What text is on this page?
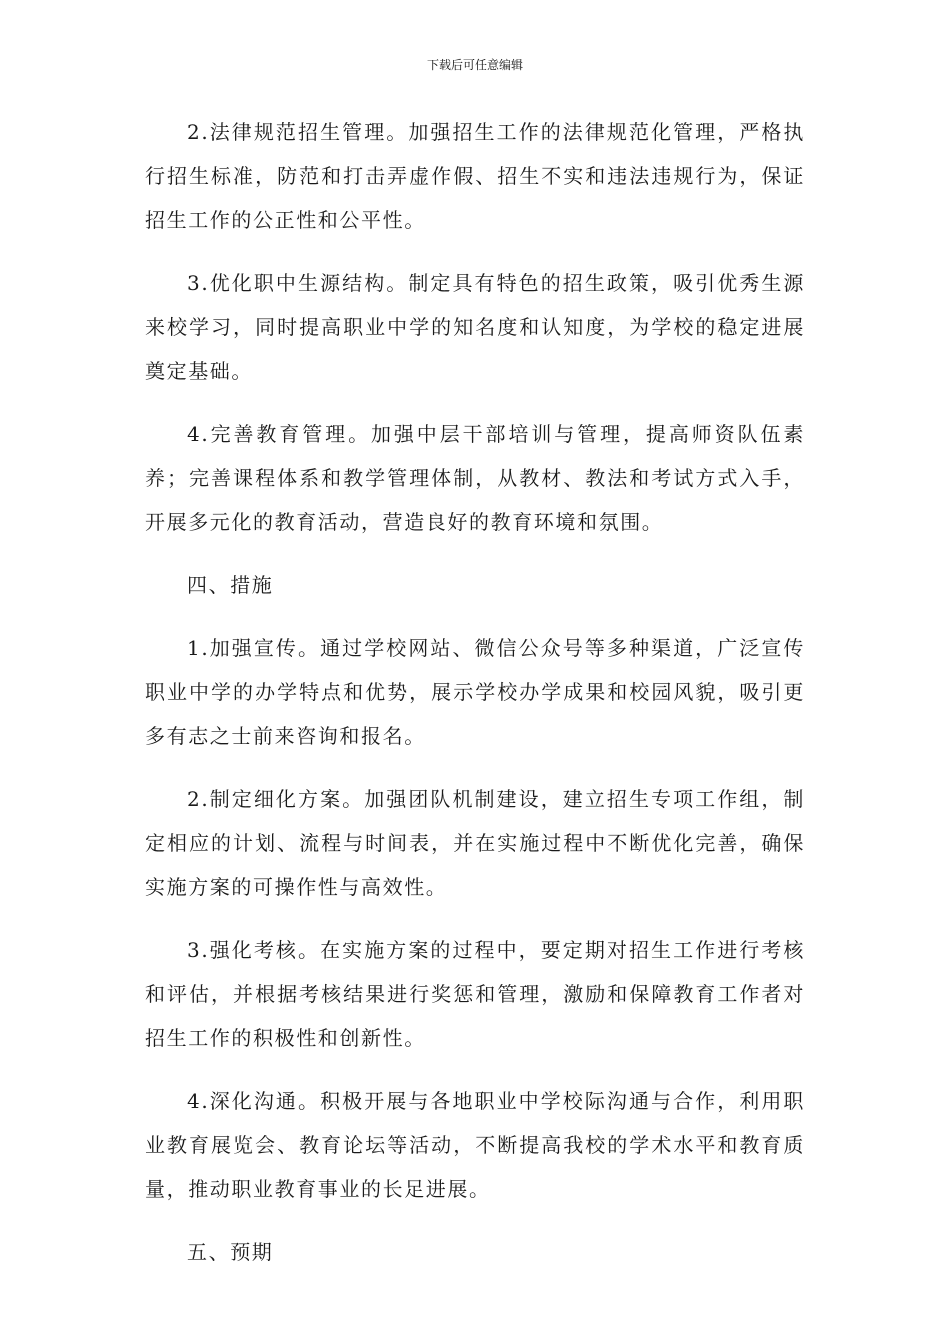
下载后可任意编辑

2.法律规范招生管理。加强招生工作的法律规范化管理，严格执行招生标准，防范和打击弄虚作假、招生不实和违法违规行为，保证招生工作的公正性和公平性。

3.优化职中生源结构。制定具有特色的招生政策，吸引优秀生源来校学习，同时提高职业中学的知名度和认知度，为学校的稳定进展奠定基础。

4.完善教育管理。加强中层干部培训与管理，提高师资队伍素养；完善课程体系和教学管理体制，从教材、教法和考试方式入手，开展多元化的教育活动，营造良好的教育环境和氛围。

四、措施

1.加强宣传。通过学校网站、微信公众号等多种渠道，广泛宣传职业中学的办学特点和优势，展示学校办学成果和校园风貌，吸引更多有志之士前来咨询和报名。

2.制定细化方案。加强团队机制建设，建立招生专项工作组，制定相应的计划、流程与时间表，并在实施过程中不断优化完善，确保实施方案的可操作性与高效性。

3.强化考核。在实施方案的过程中，要定期对招生工作进行考核和评估，并根据考核结果进行奖惩和管理，激励和保障教育工作者对招生工作的积极性和创新性。

4.深化沟通。积极开展与各地职业中学校际沟通与合作，利用职业教育展览会、教育论坛等活动，不断提高我校的学术水平和教育质量，推动职业教育事业的长足进展。

五、预期
